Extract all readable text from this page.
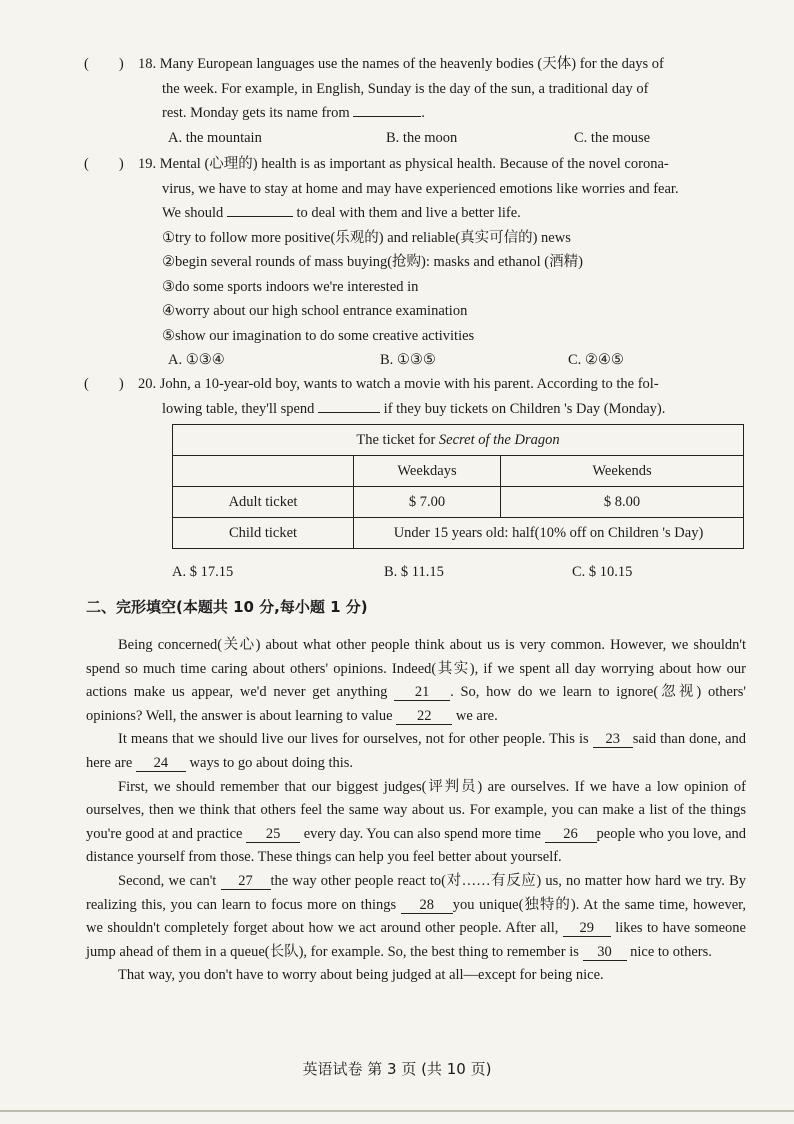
( ) 18. Many European languages use the names of the heavenly bodies (天体) for the days of
the week. For example, in English, Sunday is the day of the sun, a traditional day of
rest. Monday gets its name from	.
A. the mountain	B. the moon	C. the mouse
( ) 19. Mental (心理的) health is as important as physical health. Because of the novel corona-
virus, we have to stay at home and may have experienced emotions like worries and fear.
We should	to deal with them and live a better life.
①try to follow more positive(乐观的) and reliable(真实可信的) news
②begin several rounds of mass buying(抢购): masks and ethanol (酒精)
③do some sports indoors we're interested in
④worry about our high school entrance examination
⑤show our imagination to do some creative activities
A. ①③④	B. ①③⑤	C. ②④⑤
( ) 20. John, a 10-year-old boy, wants to watch a movie with his parent. According to the fol-
lowing table, they'll spend	if they buy tickets on Children 's Day (Monday).
The ticket for Secret of the Dragon		
	Weekdays	Weekends
Adult ticket	$ 7.00	$ 8.00
Child ticket	Under 15 years old: half(10% off on Children 's Day)	
A. $ 17.15	B. $ 11.15	C. $ 10.15
二、完形填空(本题共 10 分,每小题 1 分)

Being concerned(关心) about what other people think about us is very common. However, we shouldn't spend so much time caring about others' opinions. Indeed(其实), if we spent all day worrying about how our actions make us appear, we'd never get anything 21 . So, how do we learn to ignore(忽视) others' opinions? Well, the answer is about learning to value 22 we are.

It means that we should live our lives for ourselves, not for other people. This is 23 said than done, and here are 24 ways to go about doing this.

First, we should remember that our biggest judges(评判员) are ourselves. If we have a low opinion of ourselves, then we think that others feel the same way about us. For example, you can make a list of the things you're good at and practice 25 every day. You can also spend more time 26 people who you love, and distance yourself from those. These things can help you feel better about yourself.

Second, we can't 27 the way other people react to(对……有反应) us, no matter how hard we try. By realizing this, you can learn to focus more on things 28 you unique(独特的). At the same time, however, we shouldn't completely forget about how we act around other people. After all, 29 likes to have someone jump ahead of them in a queue(长队), for example. So, the best thing to remember is 30 nice to others.

That way, you don't have to worry about being judged at all—except for being nice.

英语试卷 第 3 页 (共 10 页)
